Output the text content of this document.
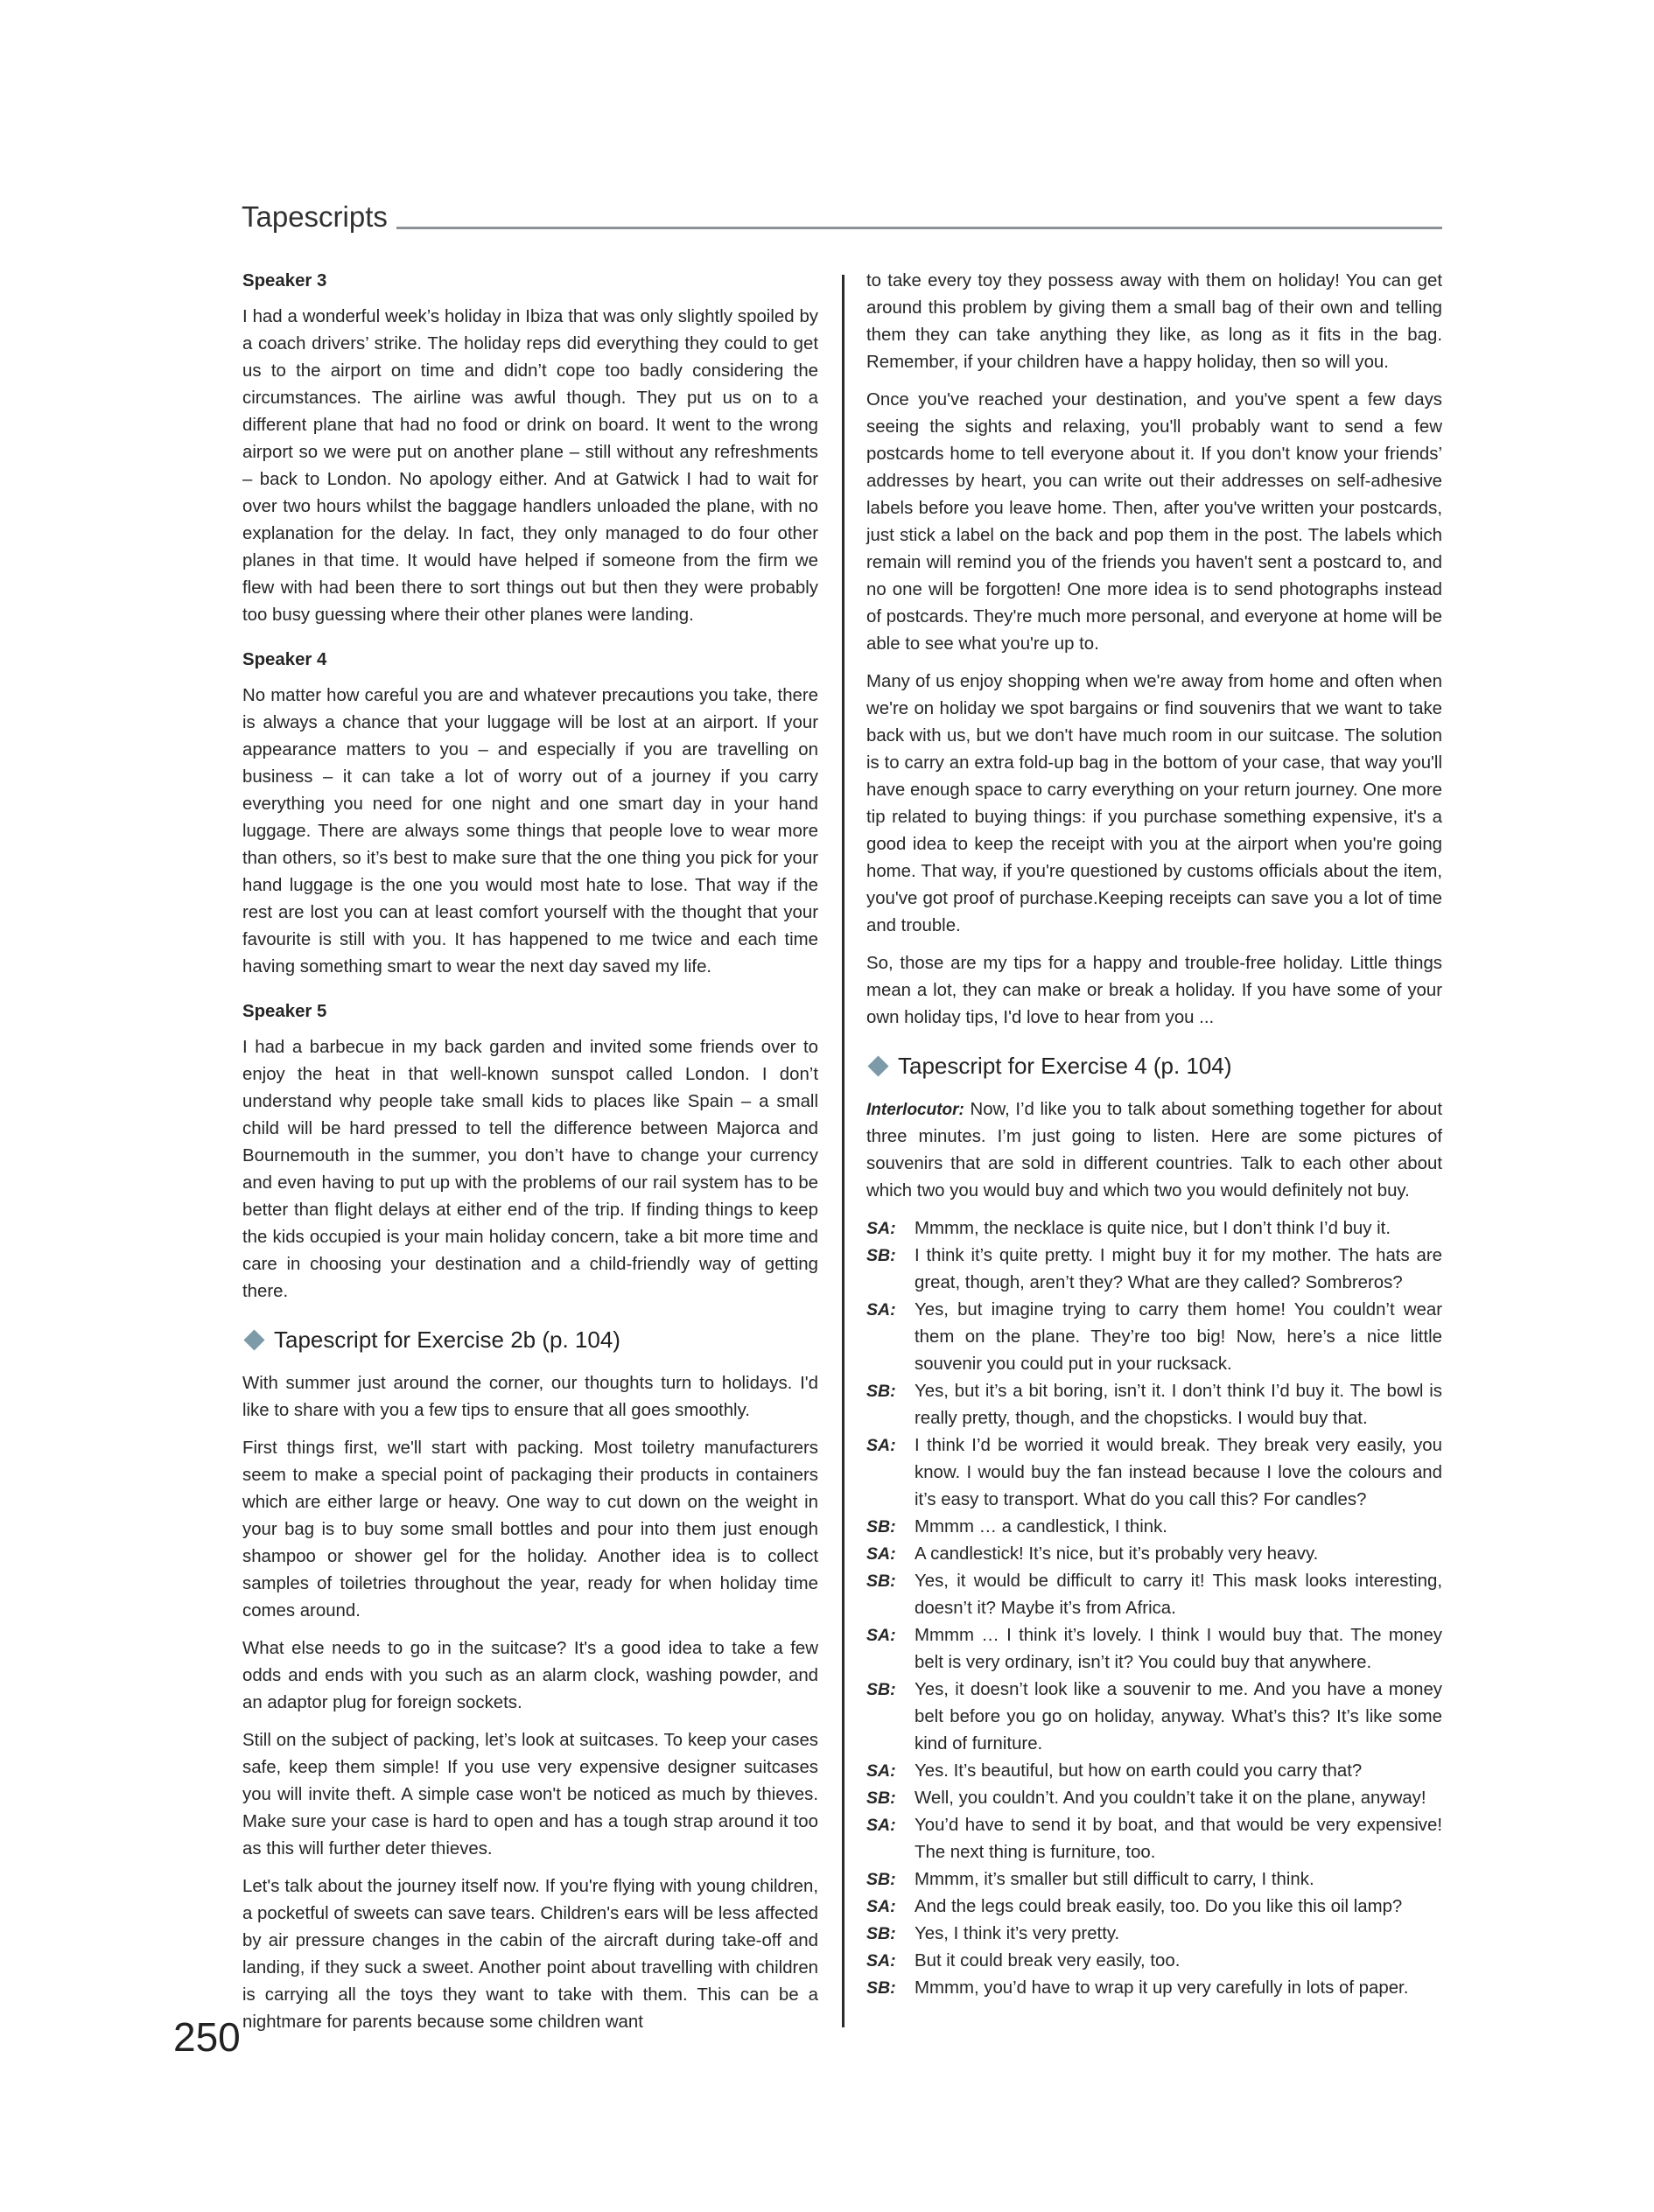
Tapescripts
Speaker 3

I had a wonderful week’s holiday in Ibiza that was only slightly spoiled by a coach drivers’ strike. The holiday reps did everything they could to get us to the airport on time and didn’t cope too badly considering the circumstances. The airline was awful though. They put us on to a different plane that had no food or drink on board. It went to the wrong airport so we were put on another plane – still without any refreshments – back to London. No apology either. And at Gatwick I had to wait for over two hours whilst the baggage handlers unloaded the plane, with no explanation for the delay. In fact, they only managed to do four other planes in that time. It would have helped if someone from the firm we flew with had been there to sort things out but then they were probably too busy guessing where their other planes were landing.

Speaker 4

No matter how careful you are and whatever precautions you take, there is always a chance that your luggage will be lost at an airport. If your appearance matters to you – and especially if you are travelling on business – it can take a lot of worry out of a journey if you carry everything you need for one night and one smart day in your hand luggage. There are always some things that people love to wear more than others, so it’s best to make sure that the one thing you pick for your hand luggage is the one you would most hate to lose. That way if the rest are lost you can at least comfort yourself with the thought that your favourite is still with you. It has happened to me twice and each time having something smart to wear the next day saved my life.

Speaker 5

I had a barbecue in my back garden and invited some friends over to enjoy the heat in that well-known sunspot called London. I don’t understand why people take small kids to places like Spain – a small child will be hard pressed to tell the difference between Majorca and Bournemouth in the summer, you don’t have to change your currency and even having to put up with the problems of our rail system has to be better than flight delays at either end of the trip. If finding things to keep the kids occupied is your main holiday concern, take a bit more time and care in choosing your destination and a child-friendly way of getting there.

Tapescript for Exercise 2b (p. 104)

With summer just around the corner, our thoughts turn to holidays. I'd like to share with you a few tips to ensure that all goes smoothly.

First things first, we'll start with packing. Most toiletry manufacturers seem to make a special point of packaging their products in containers which are either large or heavy. One way to cut down on the weight in your bag is to buy some small bottles and pour into them just enough shampoo or shower gel for the holiday. Another idea is to collect samples of toiletries throughout the year, ready for when holiday time comes around.

What else needs to go in the suitcase? It's a good idea to take a few odds and ends with you such as an alarm clock, washing powder, and an adaptor plug for foreign sockets.

Still on the subject of packing, let’s look at suitcases. To keep your cases safe, keep them simple! If you use very expensive designer suitcases you will invite theft. A simple case won't be noticed as much by thieves. Make sure your case is hard to open and has a tough strap around it too as this will further deter thieves.

Let's talk about the journey itself now. If you're flying with young children, a pocketful of sweets can save tears. Children's ears will be less affected by air pressure changes in the cabin of the aircraft during take-off and landing, if they suck a sweet. Another point about travelling with children is carrying all the toys they want to take with them. This can be a nightmare for parents because some children want

to take every toy they possess away with them on holiday! You can get around this problem by giving them a small bag of their own and telling them they can take anything they like, as long as it fits in the bag. Remember, if your children have a happy holiday, then so will you.

Once you've reached your destination, and you've spent a few days seeing the sights and relaxing, you'll probably want to send a few postcards home to tell everyone about it. If you don't know your friends’ addresses by heart, you can write out their addresses on self-adhesive labels before you leave home. Then, after you've written your postcards, just stick a label on the back and pop them in the post. The labels which remain will remind you of the friends you haven't sent a postcard to, and no one will be forgotten! One more idea is to send photographs instead of postcards. They're much more personal, and everyone at home will be able to see what you're up to.

Many of us enjoy shopping when we're away from home and often when we're on holiday we spot bargains or find souvenirs that we want to take back with us, but we don't have much room in our suitcase. The solution is to carry an extra fold-up bag in the bottom of your case, that way you'll have enough space to carry everything on your return journey. One more tip related to buying things: if you purchase something expensive, it's a good idea to keep the receipt with you at the airport when you're going home. That way, if you're questioned by customs officials about the item, you've got proof of purchase.Keeping receipts can save you a lot of time and trouble.

So, those are my tips for a happy and trouble-free holiday. Little things mean a lot, they can make or break a holiday. If you have some of your own holiday tips, I'd love to hear from you ...

Tapescript for Exercise 4 (p. 104)

Interlocutor: Now, I’d like you to talk about something together for about three minutes. I’m just going to listen. Here are some pictures of souvenirs that are sold in different countries. Talk to each other about which two you would buy and which two you would definitely not buy.

SA:	Mmmm, the necklace is quite nice, but I don’t think I’d buy it.
SB:	I think it’s quite pretty. I might buy it for my mother. The hats are great, though, aren’t they? What are they called? Sombreros?
SA:	Yes, but imagine trying to carry them home! You couldn’t wear them on the plane. They’re too big! Now, here’s a nice little souvenir you could put in your rucksack.
SB:	Yes, but it’s a bit boring, isn’t it. I don’t think I’d buy it. The bowl is really pretty, though, and the chopsticks. I would buy that.
SA:	I think I’d be worried it would break. They break very easily, you know. I would buy the fan instead because I love the colours and it’s easy to transport. What do you call this? For candles?
SB:	Mmmm … a candlestick, I think.
SA:	A candlestick! It’s nice, but it’s probably very heavy.
SB:	Yes, it would be difficult to carry it! This mask looks interesting, doesn’t it? Maybe it’s from Africa.
SA:	Mmmm … I think it’s lovely. I think I would buy that. The money belt is very ordinary, isn’t it? You could buy that anywhere.
SB:	Yes, it doesn’t look like a souvenir to me. And you have a money belt before you go on holiday, anyway. What’s this? It’s like some kind of furniture.
SA:	Yes. It’s beautiful, but how on earth could you carry that?
SB:	Well, you couldn’t. And you couldn’t take it on the plane, anyway!
SA:	You’d have to send it by boat, and that would be very expensive! The next thing is furniture, too.
SB:	Mmmm, it’s smaller but still difficult to carry, I think.
SA:	And the legs could break easily, too. Do you like this oil lamp?
SB:	Yes, I think it’s very pretty.
SA:	But it could break very easily, too.
SB:	Mmmm, you’d have to wrap it up very carefully in lots of paper.
250
